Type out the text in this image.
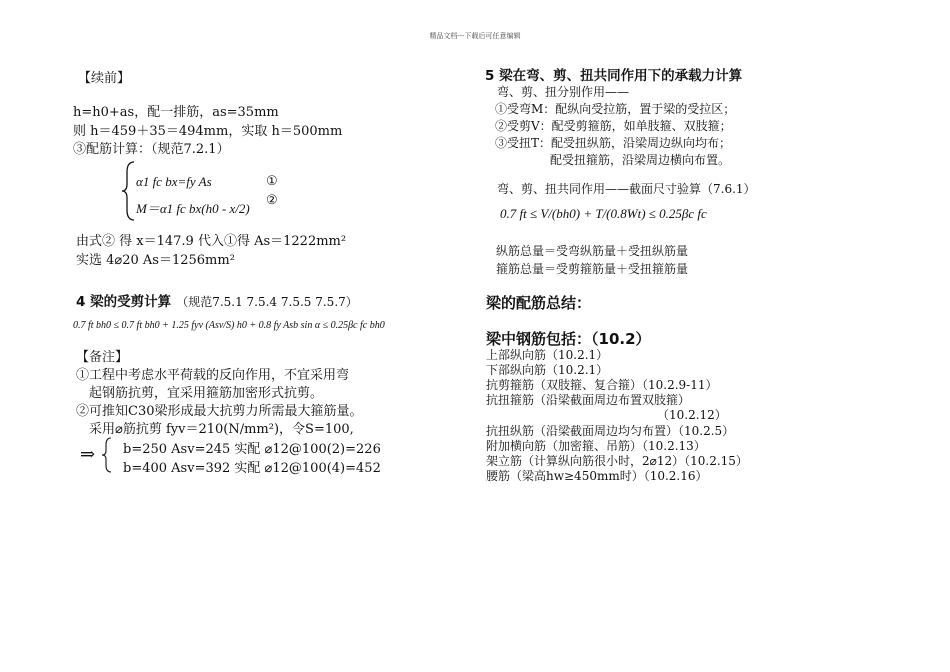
精品文档---下载后可任意编辑
【续前】
h=h0+as，配一排筋，as=35mm
则 h＝459＋35＝494mm，实取 h＝500mm
③配筋计算：（规范7.2.1）
α1 fc bx=fy As	①
M＝α1 fc bx(h0 - x/2)
②
由式② 得 x＝147.9 代入①得 As＝1222mm²
实选 4⌀20 As＝1256mm²
4 梁的受剪计算 （规范7.5.1 7.5.4 7.5.5 7.5.7）
0.7 ft bh0 ≤ 0.7 ft bh0 + 1.25 fyv (Asv/S) h0 + 0.8 fy Asb sin α ≤ 0.25βc fc bh0
【备注】
①工程中考虑水平荷载的反向作用，不宜采用弯
起钢筋抗剪，宜采用箍筋加密形式抗剪。
②可推知C30梁形成最大抗剪力所需最大箍筋量。
采用⌀筋抗剪 fyv＝210(N/mm²)，令S=100,
⇒ b=250 Asv=245 实配 ⌀12@100(2)=226
b=400 Asv=392 实配 ⌀12@100(4)=452
5 梁在弯、剪、扭共同作用下的承载力计算
弯、剪、扭分别作用——
①受弯M：配纵向受拉筋，置于梁的受拉区；
②受剪V：配受剪箍筋，如单肢箍、双肢箍；
③受扭T：配受扭纵筋，沿梁周边纵向均布；
配受扭箍筋，沿梁周边横向布置。
弯、剪、扭共同作用——截面尺寸验算（7.6.1）
0.7 ft ≤ V/(bh0) + T/(0.8Wt) ≤ 0.25βc fc
纵筋总量＝受弯纵筋量＋受扭纵筋量
箍筋总量＝受剪箍筋量＋受扭箍筋量
梁的配筋总结：
梁中钢筋包括：（10.2）
上部纵向筋（10.2.1）
下部纵向筋（10.2.1）
抗剪箍筋（双肢箍、复合箍）（10.2.9-11）
抗扭箍筋（沿梁截面周边布置双肢箍）
（10.2.12）
抗扭纵筋（沿梁截面周边均匀布置）（10.2.5）
附加横向筋（加密箍、吊筋）（10.2.13）
架立筋（计算纵向筋很小时，2⌀12）（10.2.15）
腰筋（梁高hw≥450mm时）（10.2.16）
